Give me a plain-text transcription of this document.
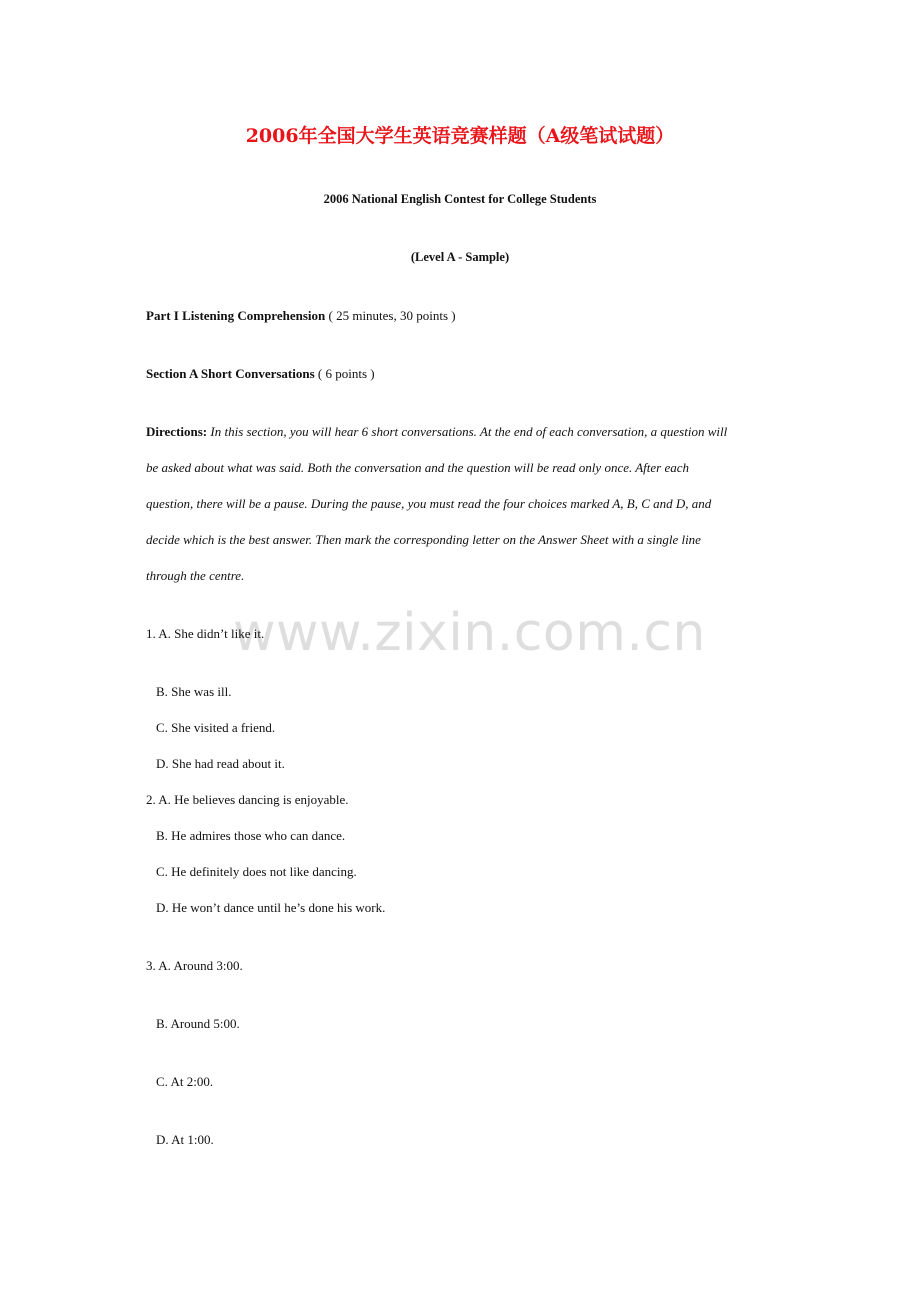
2006年全国大学生英语竞赛样题（A级笔试试题）
2006 National English Contest for College Students
(Level A - Sample)
Part I Listening Comprehension ( 25 minutes, 30 points )
Section A Short Conversations ( 6 points )
Directions: In this section, you will hear 6 short conversations. At the end of each conversation, a question will
be asked about what was said. Both the conversation and the question will be read only once. After each
question, there will be a pause. During the pause, you must read the four choices marked A, B, C and D, and
decide which is the best answer. Then mark the corresponding letter on the Answer Sheet with a single line
through the centre.
www.zixin.com.cn
1. A. She didn’t like it.
B. She was ill.
C. She visited a friend.
D. She had read about it.
2. A. He believes dancing is enjoyable.
B. He admires those who can dance.
C. He definitely does not like dancing.
D. He won’t dance until he’s done his work.
3. A. Around 3:00.
B. Around 5:00.
C. At 2:00.
D. At 1:00.
